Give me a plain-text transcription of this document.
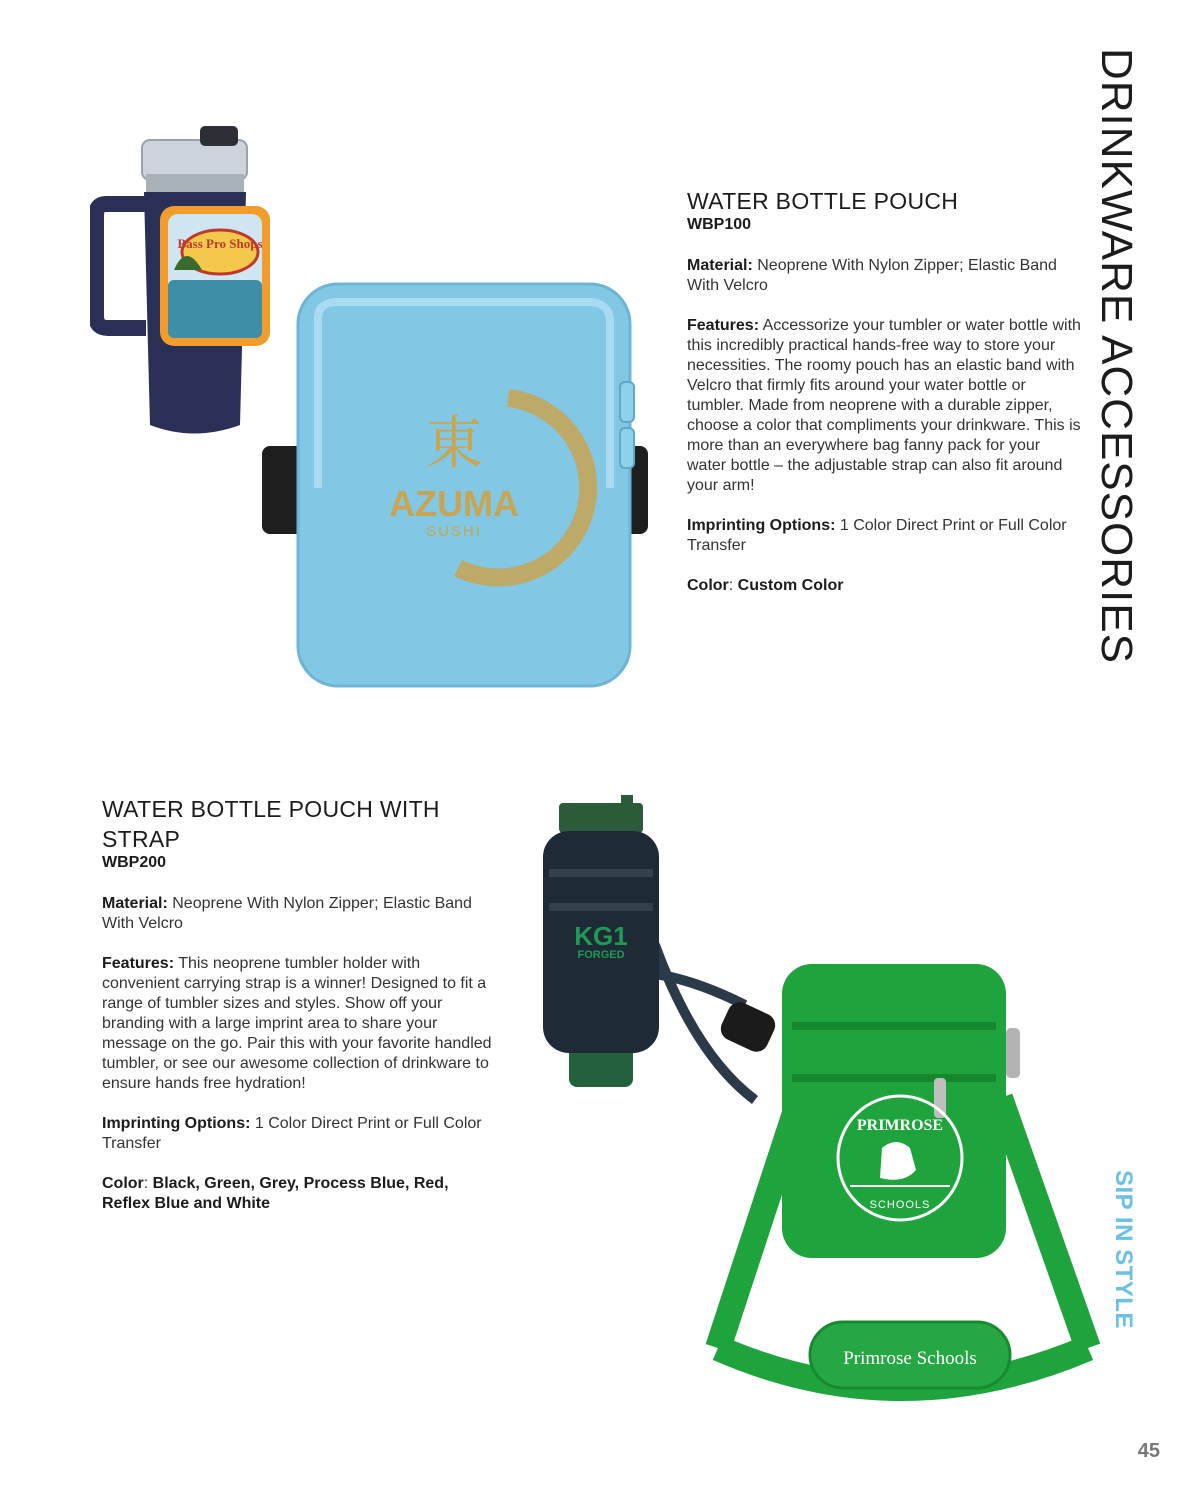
DRINKWARE ACCESSORIES
SIP IN STYLE
45
Bass Pro Shops
東
AZUMA
SUSHI
WATER BOTTLE POUCH
WBP100

Material: Neoprene With Nylon Zipper; Elastic Band With Velcro

Features: Accessorize your tumbler or water bottle with this incredibly practical hands-free way to store your necessities. The roomy pouch has an elastic band with Velcro that firmly fits around your water bottle or tumbler. Made from neoprene with a durable zipper, choose a color that compliments your drinkware. This is more than an everywhere bag fanny pack for your water bottle – the adjustable strap can also fit around your arm!

Imprinting Options: 1 Color Direct Print or Full Color Transfer

Color: Custom Color

WATER BOTTLE POUCH WITH STRAP
WBP200

Material: Neoprene With Nylon Zipper; Elastic Band With Velcro

Features: This neoprene tumbler holder with convenient carrying strap is a winner! Designed to fit a range of tumbler sizes and styles. Show off your branding with a large imprint area to share your message on the go. Pair this with your favorite handled tumbler, or see our awesome collection of drinkware to ensure hands free hydration!

Imprinting Options: 1 Color Direct Print or Full Color Transfer

Color: Black, Green, Grey, Process Blue, Red, Reflex Blue and White

KG1
FORGED
Primrose Schools
PRIMROSE
SCHOOLS
